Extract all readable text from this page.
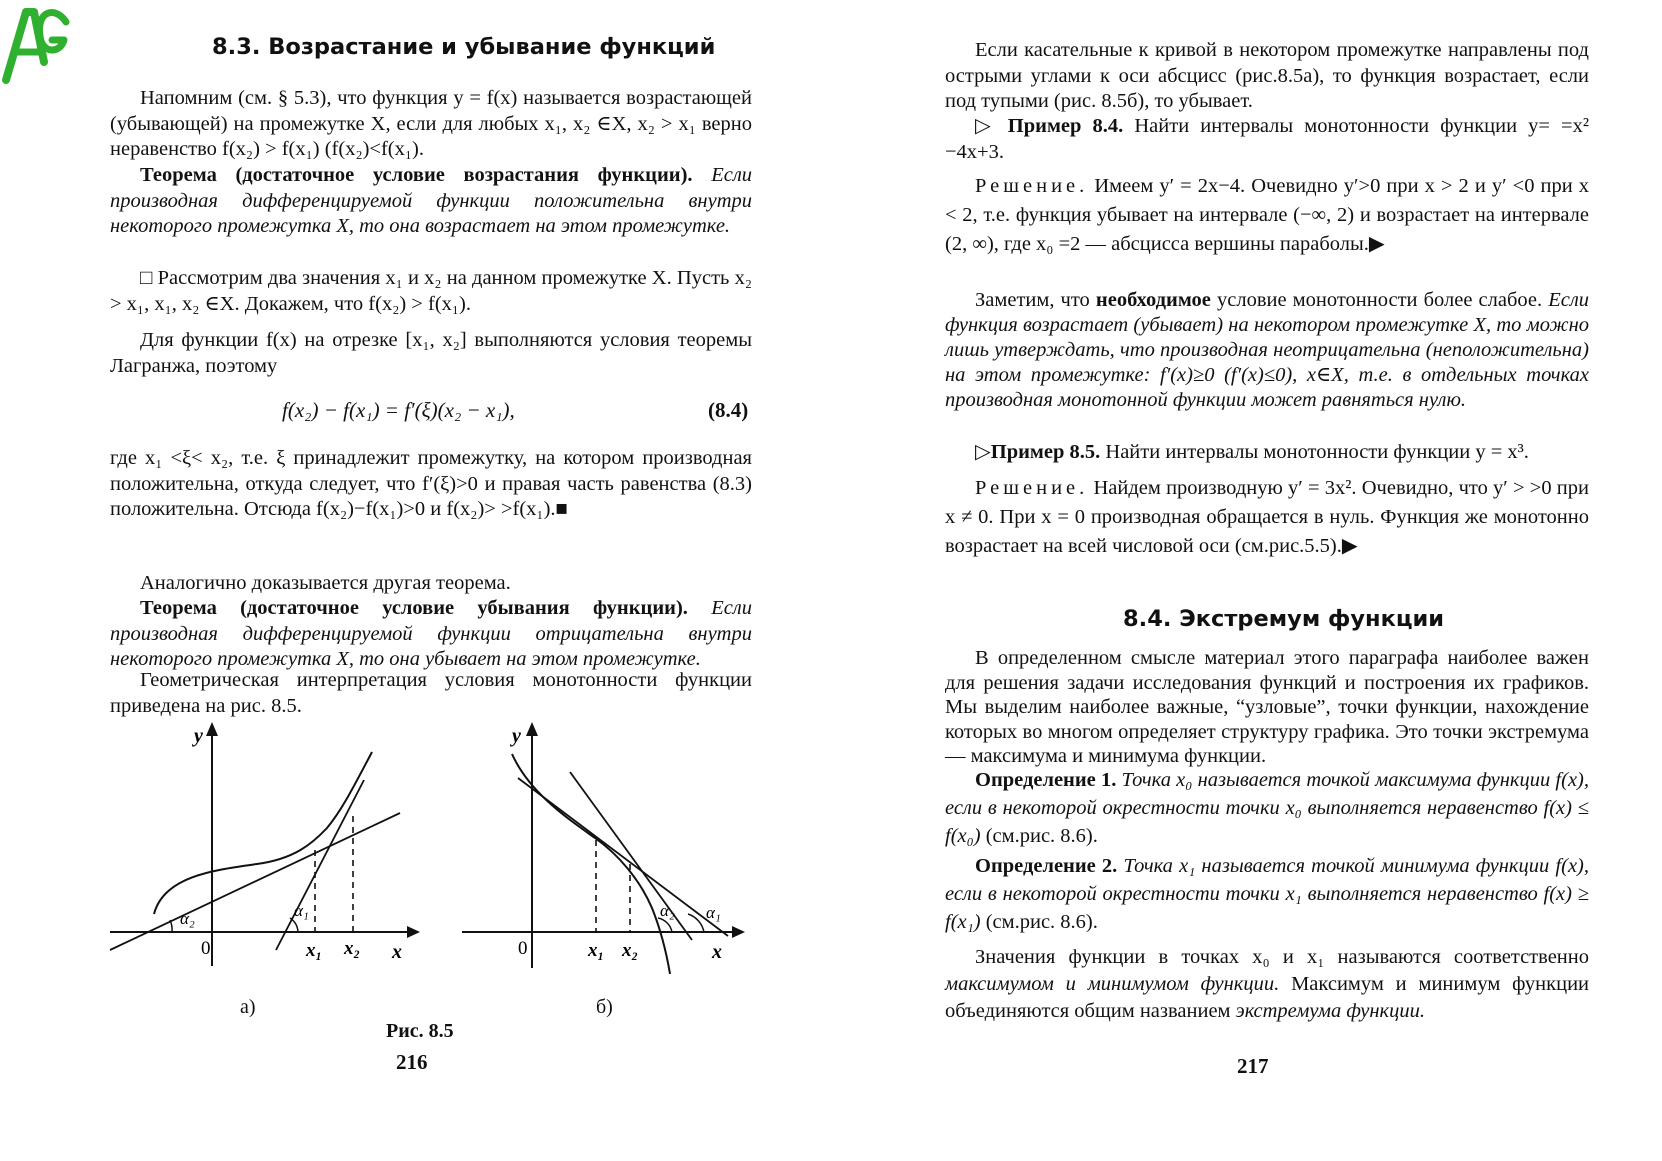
8.3. Возрастание и убывание функций

Напомним (см. § 5.3), что функция y = f(x) называется возрастающей (убывающей) на промежутке X, если для любых x₁, x₂ ∈X, x₂ > x₁ верно неравенство f(x₂) > f(x₁) (f(x₂)<f(x₁).

Теорема (достаточное условие возрастания функции). Если производная дифференцируемой функции положительна внутри некоторого промежутка X, то она возрастает на этом промежутке.

□ Рассмотрим два значения x₁ и x₂ на данном промежутке X. Пусть x₂ > x₁, x₁, x₂ ∈X. Докажем, что f(x₂) > f(x₁).

Для функции f(x) на отрезке [x₁, x₂] выполняются условия теоремы Лагранжа, поэтому

f(x₂) − f(x₁) = f′(ξ)(x₂ − x₁),	(8.4)

где x₁ <ξ< x₂, т.е. ξ принадлежит промежутку, на котором производная положительна, откуда следует, что f′(ξ)>0 и правая часть равенства (8.3) положительна. Отсюда f(x₂)−f(x₁)>0 и f(x₂)> >f(x₁).■

Аналогично доказывается другая теорема.

Теорема (достаточное условие убывания функции). Если производная дифференцируемой функции отрицательна внутри некоторого промежутка X, то она убывает на этом промежутке.

Геометрическая интерпретация условия монотонности функции приведена на рис. 8.5.

α₂	α₁
y
0	x₁ x₂ x
а)
α₂ α₁
y
0	x₁ x₂	x
б)
Рис. 8.5
216

Если касательные к кривой в некотором промежутке направлены под острыми углами к оси абсцисс (рис.8.5а), то функция возрастает, если под тупыми (рис. 8.5б), то убывает.

▷ Пример 8.4. Найти интервалы монотонности функции y= =x² −4x+3.

Решение. Имеем y′ = 2x−4. Очевидно y′>0 при x > 2 и y′ <0 при x < 2, т.е. функция убывает на интервале (−∞, 2) и возрастает на интервале (2, ∞), где x₀ =2 — абсцисса вершины параболы.▶

Заметим, что необходимое условие монотонности более слабое. Если функция возрастает (убывает) на некотором промежутке X, то можно лишь утверждать, что производная неотрицательна (неположительна) на этом промежутке: f′(x)≥0 (f′(x)≤0), x∈X, т.е. в отдельных точках производная монотонной функции может равняться нулю.

▷Пример 8.5. Найти интервалы монотонности функции y = x³.

Решение. Найдем производную y′ = 3x². Очевидно, что y′ > >0 при x ≠ 0. При x = 0 производная обращается в нуль. Функция же монотонно возрастает на всей числовой оси (см.рис.5.5).▶

8.4. Экстремум функции

В определенном смысле материал этого параграфа наиболее важен для решения задачи исследования функций и построения их графиков. Мы выделим наиболее важные, “узловые”, точки функции, нахождение которых во многом определяет структуру графика. Это точки экстремума — максимума и минимума функции.

Определение 1. Точка x₀ называется точкой максимума функции f(x), если в некоторой окрестности точки x₀ выполняется неравенство f(x) ≤ f(x₀) (см.рис. 8.6).

Определение 2. Точка x₁ называется точкой минимума функции f(x), если в некоторой окрестности точки x₁ выполняется неравенство f(x) ≥ f(x₁) (см.рис. 8.6).

Значения функции в точках x₀ и x₁ называются соответственно максимумом и минимумом функции. Максимум и минимум функции объединяются общим названием экстремума функции.

217
